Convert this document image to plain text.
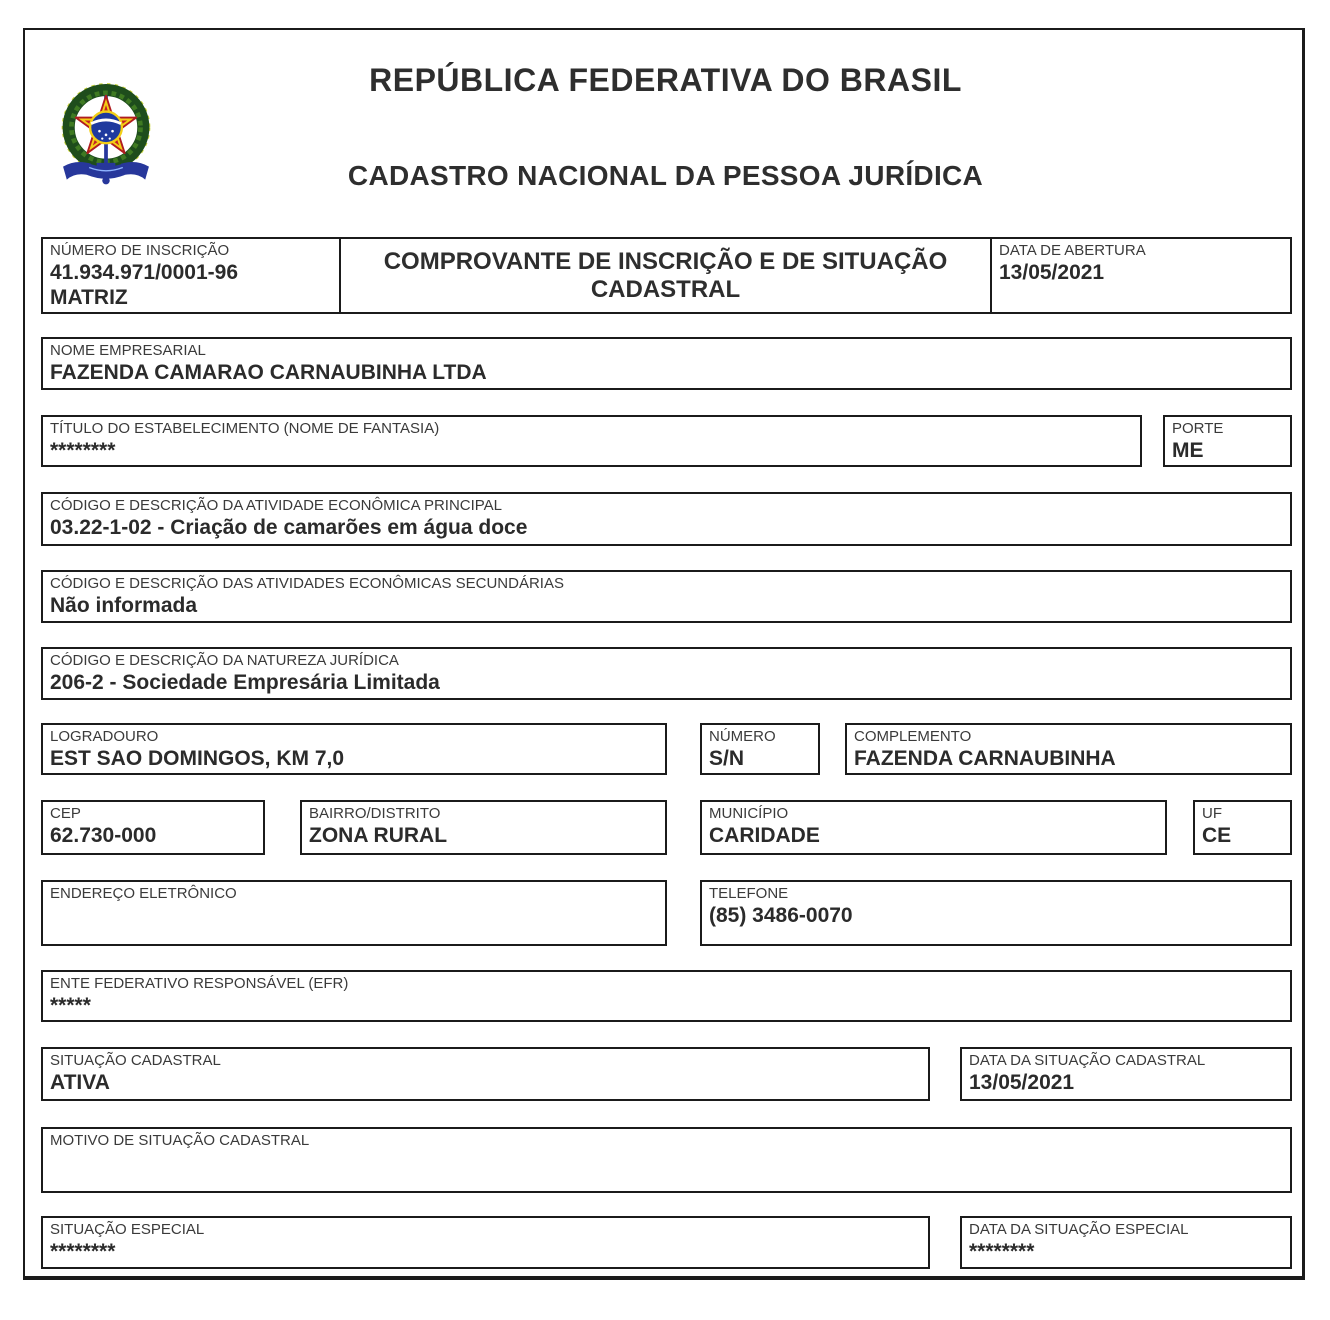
REPÚBLICA FEDERATIVA DO BRASIL
CADASTRO NACIONAL DA PESSOA JURÍDICA
NÚMERO DE INSCRIÇÃO
41.934.971/0001-96
MATRIZ
COMPROVANTE DE INSCRIÇÃO E DE SITUAÇÃO CADASTRAL
DATA DE ABERTURA
13/05/2021
NOME EMPRESARIAL
FAZENDA CAMARAO CARNAUBINHA LTDA
TÍTULO DO ESTABELECIMENTO (NOME DE FANTASIA)
********
PORTE
ME
CÓDIGO E DESCRIÇÃO DA ATIVIDADE ECONÔMICA PRINCIPAL
03.22-1-02 - Criação de camarões em água doce
CÓDIGO E DESCRIÇÃO DAS ATIVIDADES ECONÔMICAS SECUNDÁRIAS
Não informada
CÓDIGO E DESCRIÇÃO DA NATUREZA JURÍDICA
206-2 - Sociedade Empresária Limitada
LOGRADOURO
EST SAO DOMINGOS, KM 7,0
NÚMERO
S/N
COMPLEMENTO
FAZENDA CARNAUBINHA
CEP
62.730-000
BAIRRO/DISTRITO
ZONA RURAL
MUNICÍPIO
CARIDADE
UF
CE
ENDEREÇO ELETRÔNICO	TELEFONE
(85) 3486-0070
ENTE FEDERATIVO RESPONSÁVEL (EFR)
*****
SITUAÇÃO CADASTRAL
ATIVA
DATA DA SITUAÇÃO CADASTRAL
13/05/2021
MOTIVO DE SITUAÇÃO CADASTRAL
SITUAÇÃO ESPECIAL
********
DATA DA SITUAÇÃO ESPECIAL
********
